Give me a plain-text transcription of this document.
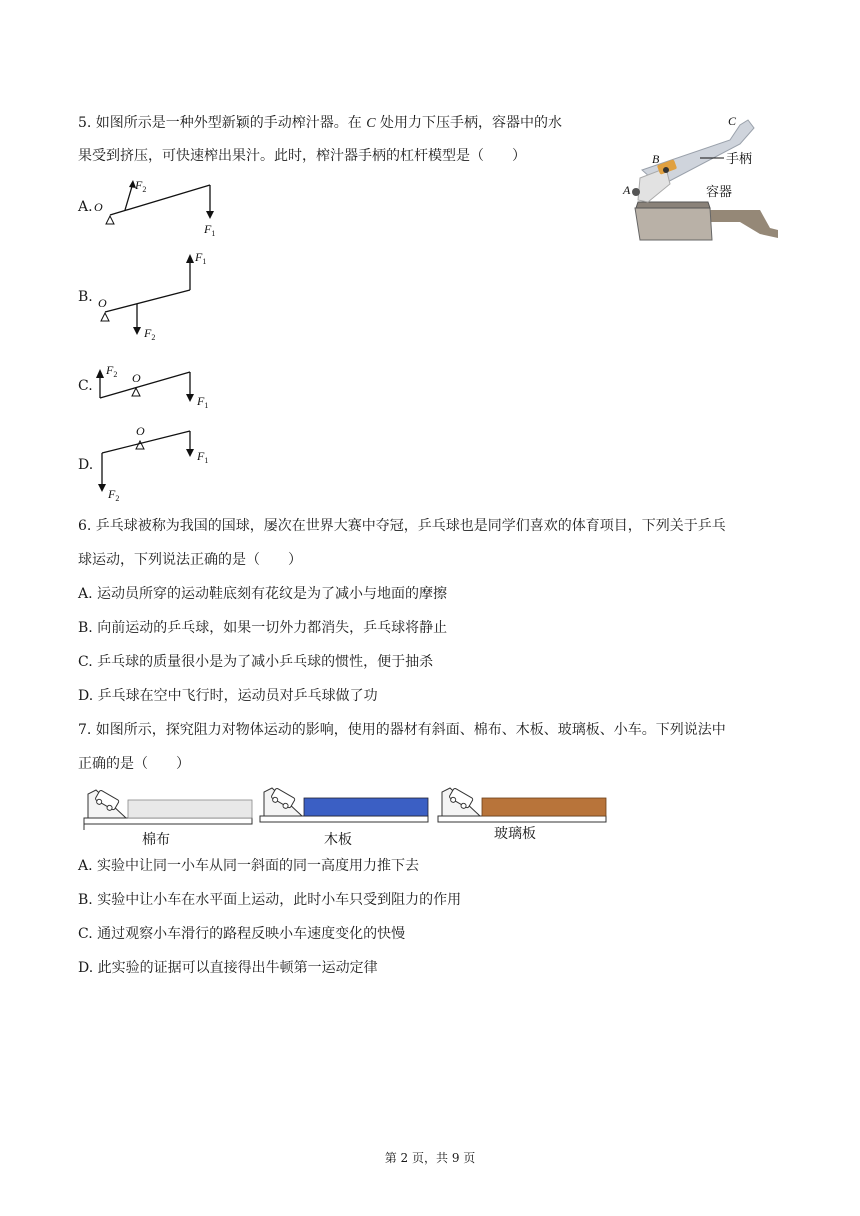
5. 如图所示是一种外型新颖的手动榨汁器。在 C 处用力下压手柄，容器中的水
果受到挤压，可快速榨出果汁。此时，榨汁器手柄的杠杆模型是（　　）
C
B
A
手柄
容器
A. O
$F_2$
$F_1$
B. O
$F_1$
$F_2$
C.	O
$F_2$
$F_1$
D.
O
$F_1$
$F_2$
6. 乒乓球被称为我国的国球，屡次在世界大赛中夺冠，乒乓球也是同学们喜欢的体育项目，下列关于乒乓
球运动，下列说法正确的是（　　）
A. 运动员所穿的运动鞋底刻有花纹是为了减小与地面的摩擦
B. 向前运动的乒乓球，如果一切外力都消失，乒乓球将静止
C. 乒乓球的质量很小是为了减小乒乓球的惯性，便于抽杀
D. 乒乓球在空中飞行时，运动员对乒乓球做了功
7. 如图所示，探究阻力对物体运动的影响，使用的器材有斜面、棉布、木板、玻璃板、小车。下列说法中
正确的是（　　）
棉布	木板	玻璃板
A. 实验中让同一小车从同一斜面的同一高度用力推下去
B. 实验中让小车在水平面上运动，此时小车只受到阻力的作用
C. 通过观察小车滑行的路程反映小车速度变化的快慢
D. 此实验的证据可以直接得出牛顿第一运动定律
第 2 页，共 9 页
